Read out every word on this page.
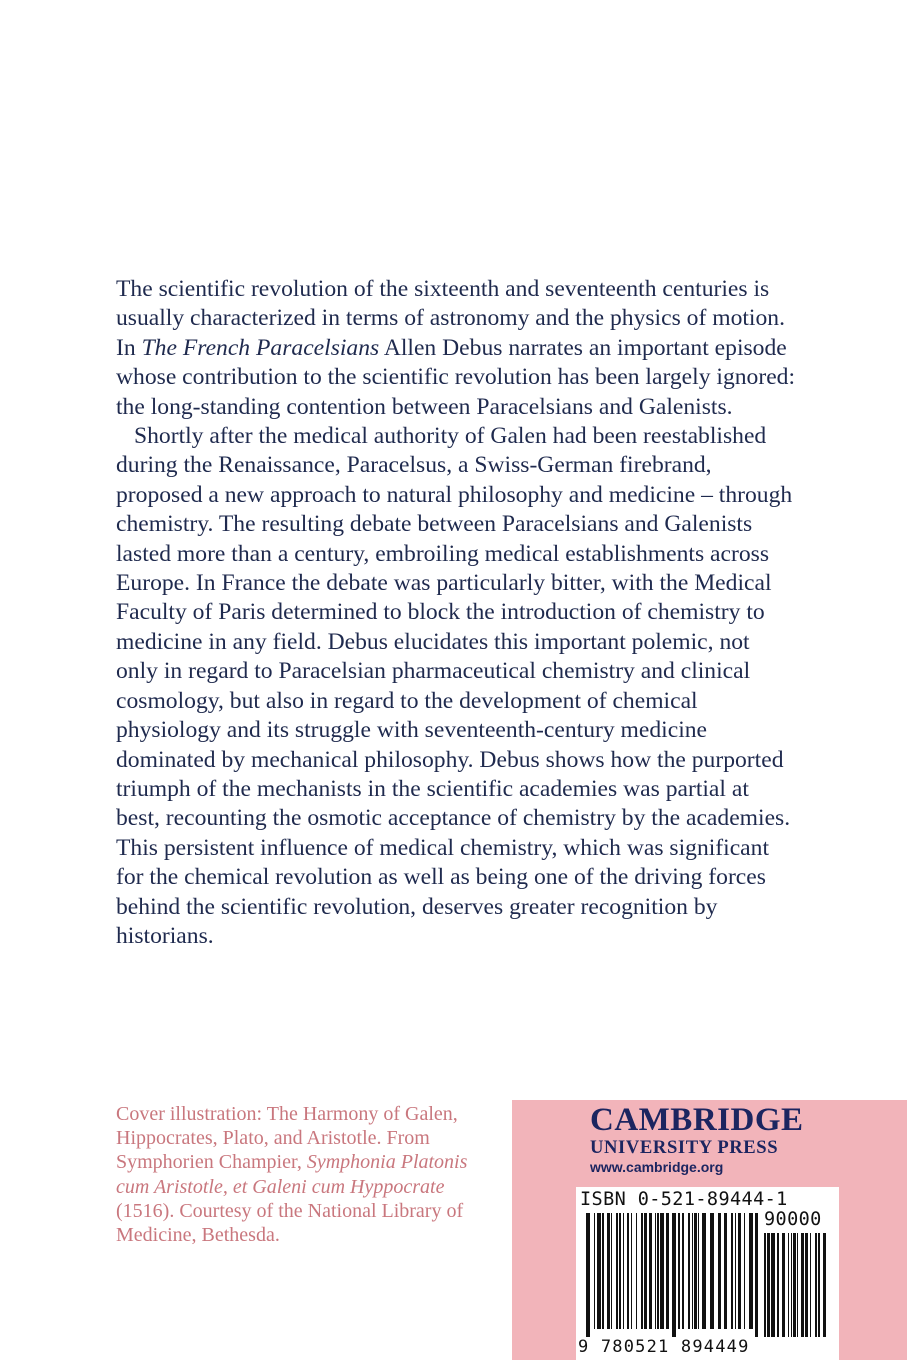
The scientific revolution of the sixteenth and seventeenth centuries is usually characterized in terms of astronomy and the physics of motion. In The French Paracelsians Allen Debus narrates an important episode whose contribution to the scientific revolution has been largely ignored: the long-standing contention between Paracelsians and Galenists.

Shortly after the medical authority of Galen had been reestablished during the Renaissance, Paracelsus, a Swiss-German firebrand, proposed a new approach to natural philosophy and medicine – through chemistry. The resulting debate between Paracelsians and Galenists lasted more than a century, embroiling medical establishments across Europe. In France the debate was particularly bitter, with the Medical Faculty of Paris determined to block the introduction of chemistry to medicine in any field. Debus elucidates this important polemic, not only in regard to Paracelsian pharmaceutical chemistry and clinical cosmology, but also in regard to the development of chemical physiology and its struggle with seventeenth-century medicine dominated by mechanical philosophy. Debus shows how the purported triumph of the mechanists in the scientific academies was partial at best, recounting the osmotic acceptance of chemistry by the academies. This persistent influence of medical chemistry, which was significant for the chemical revolution as well as being one of the driving forces behind the scientific revolution, deserves greater recognition by historians.

Cover illustration: The Harmony of Galen, Hippocrates, Plato, and Aristotle. From Symphorien Champier, Symphonia Platonis cum Aristotle, et Galeni cum Hyppocrate (1516). Courtesy of the National Library of Medicine, Bethesda.
CAMBRIDGE
UNIVERSITY PRESS
www.cambridge.org
ISBN 0-521-89444-1
90000
9 780521 894449
